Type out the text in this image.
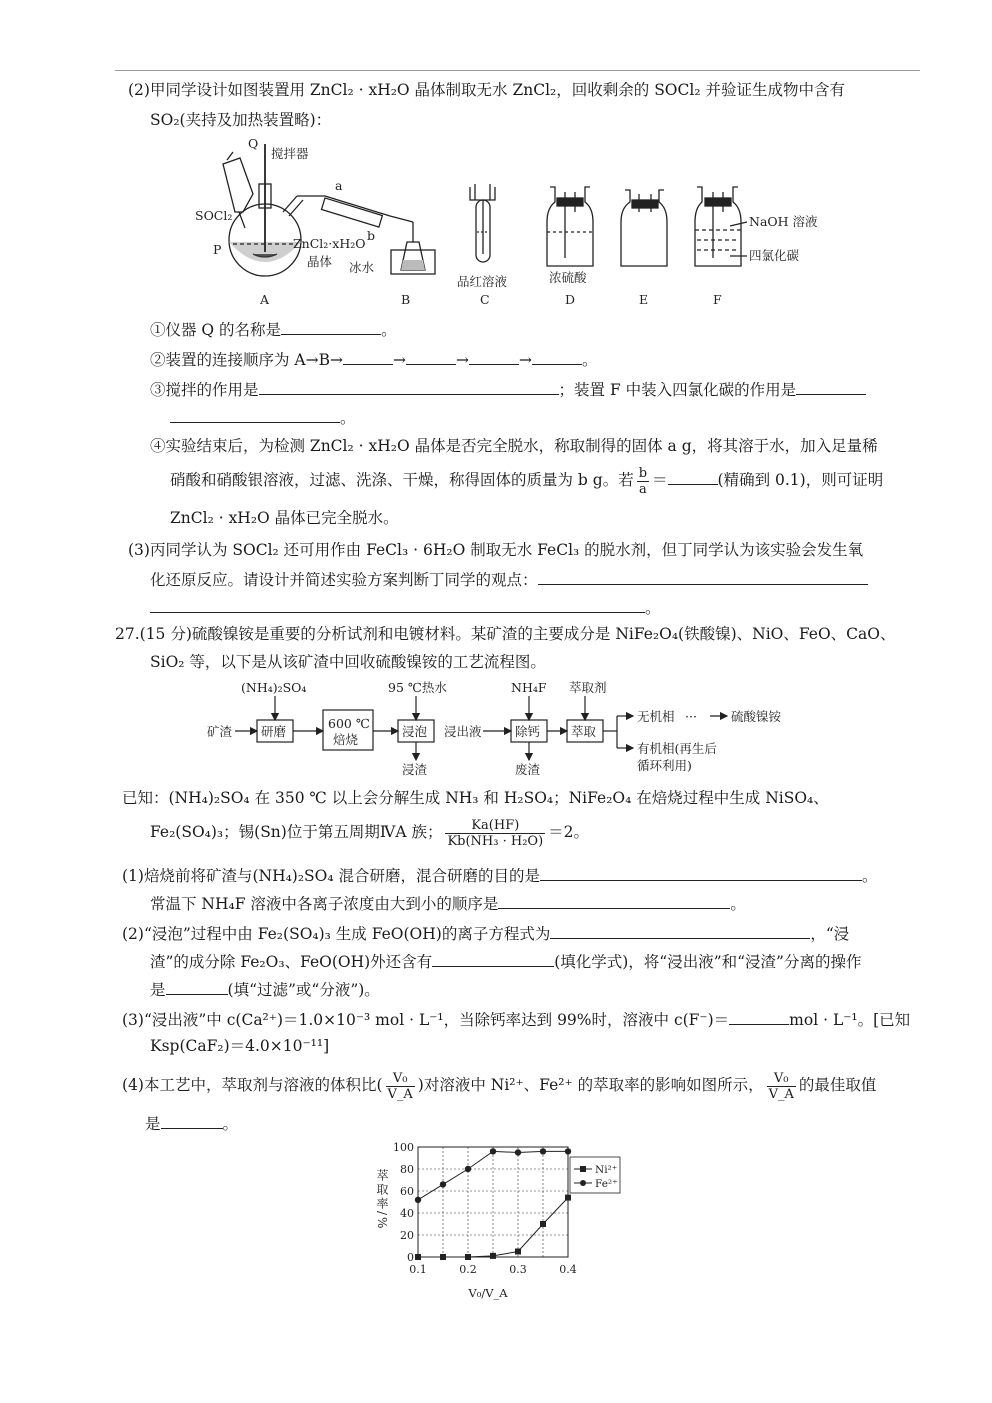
(2)甲同学设计如图装置用 ZnCl₂ · xH₂O 晶体制取无水 ZnCl₂，回收剩余的 SOCl₂ 并验证生成物中含有
SO₂(夹持及加热装置略)：
Q
搅拌器
a
b
SOCl₂
P	ZnCl₂·xH₂O
晶体 冰水
品红溶液	浓硫酸
NaOH 溶液
四氯化碳
A	B	C	D	E	F
①仪器 Q 的名称是	。
②装置的连接顺序为 A→B→	→	→	→	。
③搅拌的作用是	；装置 F 中装入四氯化碳的作用是
。
④实验结束后，为检测 ZnCl₂ · xH₂O 晶体是否完全脱水，称取制得的固体 a g，将其溶于水，加入足量稀
硝酸和硝酸银溶液，过滤、洗涤、干燥，称得固体的质量为 b g。若 $\frac{b}{a}$ ＝	(精确到 0.1)，则可证明
ZnCl₂ · xH₂O 晶体已完全脱水。
(3)丙同学认为 SOCl₂ 还可用作由 FeCl₃ · 6H₂O 制取无水 FeCl₃ 的脱水剂，但丁同学认为该实验会发生氧
化还原反应。请设计并简述实验方案判断丁同学的观点：
。
27.(15 分)硫酸镍铵是重要的分析试剂和电镀材料。某矿渣的主要成分是 NiFe₂O₄(铁酸镍)、NiO、FeO、CaO、
SiO₂ 等，以下是从该矿渣中回收硫酸镍铵的工艺流程图。
(NH₄)₂SO₄	95 ℃热水	NH₄F 萃取剂
矿渣 研磨
600 ℃
焙烧
浸泡 浸出液	除钙 萃取
无机相 ···	硫酸镍铵
有机相(再生后
循环利用)
浸渣	废渣
已知：(NH₄)₂SO₄ 在 350 ℃ 以上会分解生成 NH₃ 和 H₂SO₄；NiFe₂O₄ 在焙烧过程中生成 NiSO₄、
Fe₂(SO₄)₃；锡(Sn)位于第五周期ⅣA 族； $\frac{Ka(HF)}{\text{Kb(NH₃ · H₂O)}} =2$。
(1)焙烧前将矿渣与(NH₄)₂SO₄ 混合研磨，混合研磨的目的是	。
常温下 NH₄F 溶液中各离子浓度由大到小的顺序是	。
(2)“浸泡”过程中由 Fe₂(SO₄)₃ 生成 FeO(OH)的离子方程式为	，“浸
渣”的成分除 Fe₂O₃、FeO(OH)外还含有	(填化学式)，将“浸出液”和“浸渣”分离的操作
是	(填“过滤”或“分液”)。
(3)“浸出液”中 c(Ca²⁺)＝1.0×10⁻³ mol · L⁻¹，当除钙率达到 99%时，溶液中 c(F⁻)＝	mol · L⁻¹。[已知
Ksp(CaF₂)＝4.0×10⁻¹¹]
(4)本工艺中，萃取剂与溶液的体积比( $\frac{\text{V₀}}{V\_A}$ )对溶液中 Ni²⁺、Fe²⁺ 的萃取率的影响如图所示， $\frac{\text{V₀}}{V\_A}$ 的最佳取值
是	。
0
20
40
60
80
100
0.1	0.2	0.3	0.4
萃取率/%
V₀/V_A
Ni²⁺
Fe²⁺
